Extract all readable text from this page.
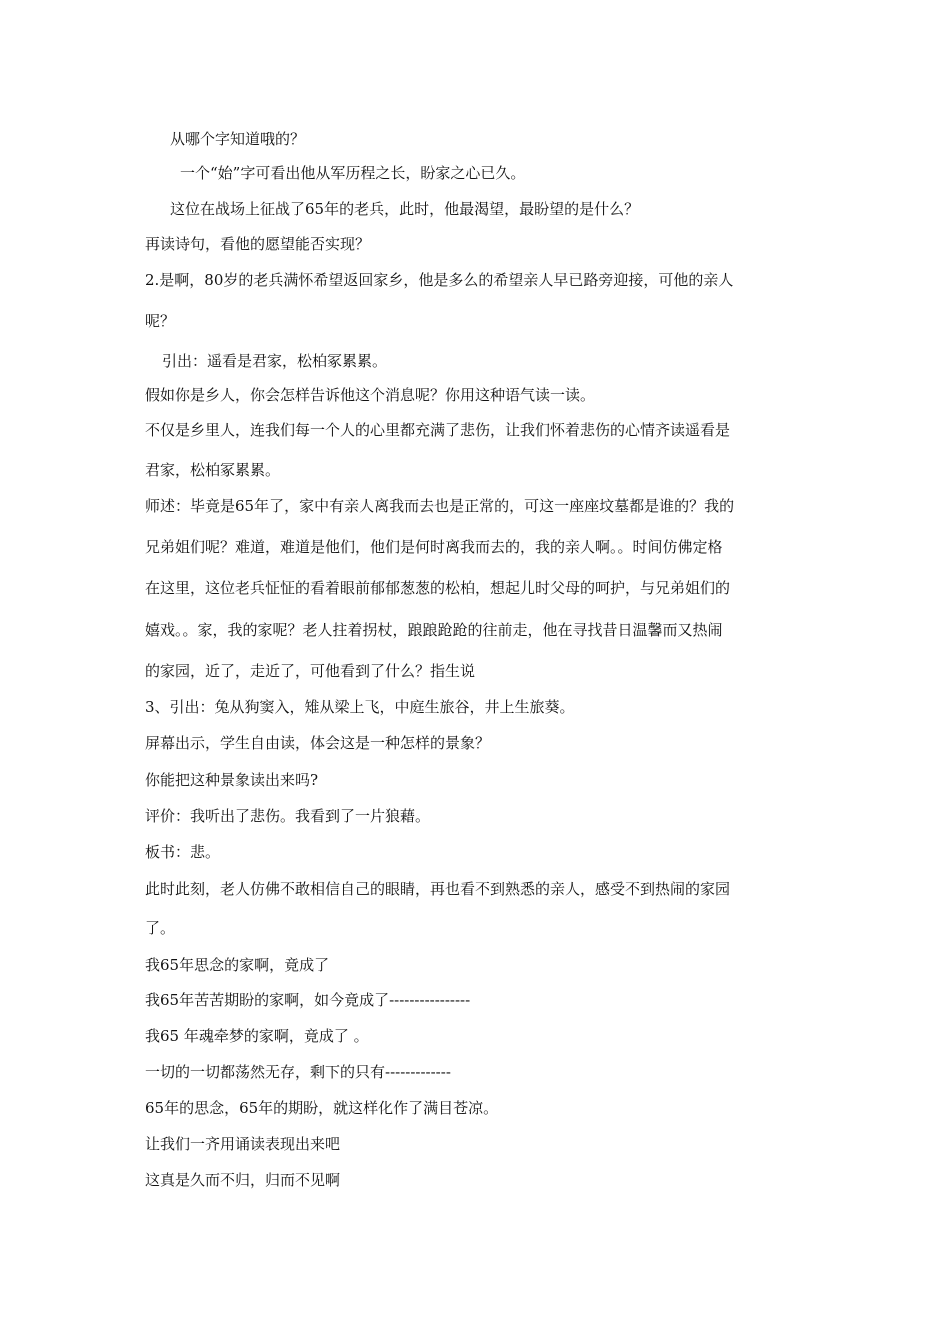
从哪个字知道哦的？

一个“始”字可看出他从军历程之长，盼家之心已久。

这位在战场上征战了65年的老兵，此时，他最渴望，最盼望的是什么？

再读诗句，看他的愿望能否实现？

2.是啊，80岁的老兵满怀希望返回家乡，他是多么的希望亲人早已路旁迎接，可他的亲人

呢？

引出：遥看是君家，松柏冢累累。

假如你是乡人，你会怎样告诉他这个消息呢？你用这种语气读一读。

不仅是乡里人，连我们每一个人的心里都充满了悲伤，让我们怀着悲伤的心情齐读遥看是

君家，松柏冢累累。

师述：毕竟是65年了，家中有亲人离我而去也是正常的，可这一座座坟墓都是谁的？我的

兄弟姐们呢？难道，难道是他们，他们是何时离我而去的，我的亲人啊。。时间仿佛定格

在这里，这位老兵怔怔的看着眼前郁郁葱葱的松柏，想起儿时父母的呵护，与兄弟姐们的

嬉戏。。家，我的家呢？老人拄着拐杖，踉踉跄跄的往前走，他在寻找昔日温馨而又热闹

的家园，近了，走近了，可他看到了什么？指生说

3、引出：兔从狗窦入，雉从梁上飞，中庭生旅谷，井上生旅葵。

屏幕出示，学生自由读，体会这是一种怎样的景象？

你能把这种景象读出来吗?

评价：我听出了悲伤。我看到了一片狼藉。

板书：悲。

此时此刻，老人仿佛不敢相信自己的眼睛，再也看不到熟悉的亲人，感受不到热闹的家园

了。

我65年思念的家啊，竟成了

我65年苦苦期盼的家啊，如今竟成了----------------

我65 年魂牵梦的家啊，竟成了 。

一切的一切都荡然无存，剩下的只有-------------

65年的思念，65年的期盼，就这样化作了满目苍凉。

让我们一齐用诵读表现出来吧

这真是久而不归，归而不见啊
